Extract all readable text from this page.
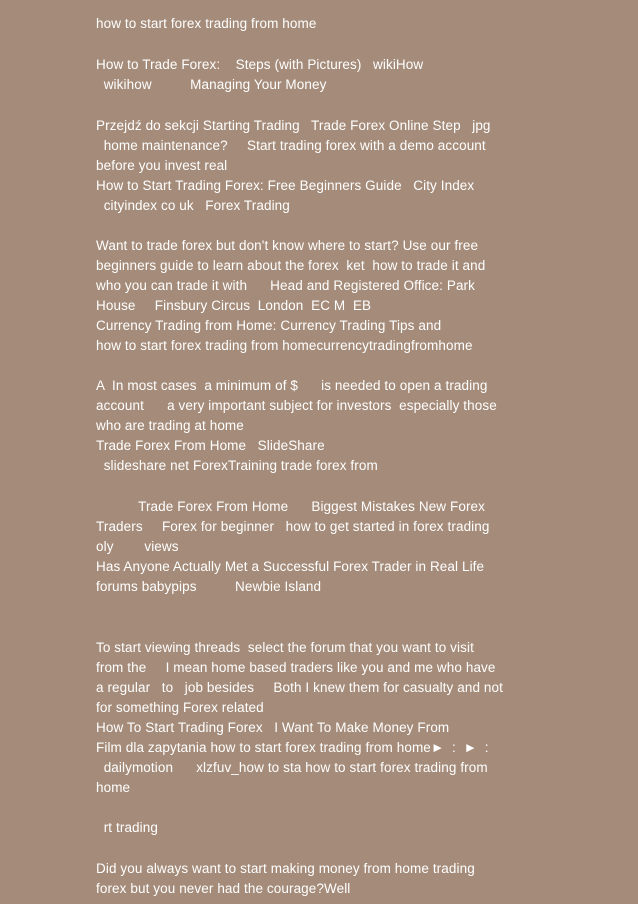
how to start forex trading from home
How to Trade Forex:    Steps (with Pictures)   wikiHow
wikihow          Managing Your Money
Przejdź do sekcji Starting Trading   Trade Forex Online Step   jpg
home maintenance?     Start trading forex with a demo account
before you invest real
How to Start Trading Forex: Free Beginners Guide   City Index
cityindex co uk   Forex Trading
Want to trade forex but don't know where to start? Use our free
beginners guide to learn about the forex  ket  how to trade it and
who you can trade it with      Head and Registered Office: Park
House     Finsbury Circus  London  EC M  EB
Currency Trading from Home: Currency Trading Tips and
how to start forex trading from homecurrencytradingfromhome
A  In most cases  a minimum of $      is needed to open a trading
account      a very important subject for investors  especially those
who are trading at home
Trade Forex From Home   SlideShare
slideshare net ForexTraining trade forex from
Trade Forex From Home      Biggest Mistakes New Forex
Traders     Forex for beginner   how to get started in forex trading
oly        views
Has Anyone Actually Met a Successful Forex Trader in Real Life
forums babypips          Newbie Island
To start viewing threads  select the forum that you want to visit
from the     I mean home based traders like you and me who have
a regular   to   job besides     Both I knew them for casualty and not
for something Forex related
How To Start Trading Forex   I Want To Make Money From
Film dla zapytania how to start forex trading from home►  :  ►  :
dailymotion      xlzfuv_how to sta how to start forex trading from
home
rt trading
Did you always want to start making money from home trading
forex but you never had the courage?Well
